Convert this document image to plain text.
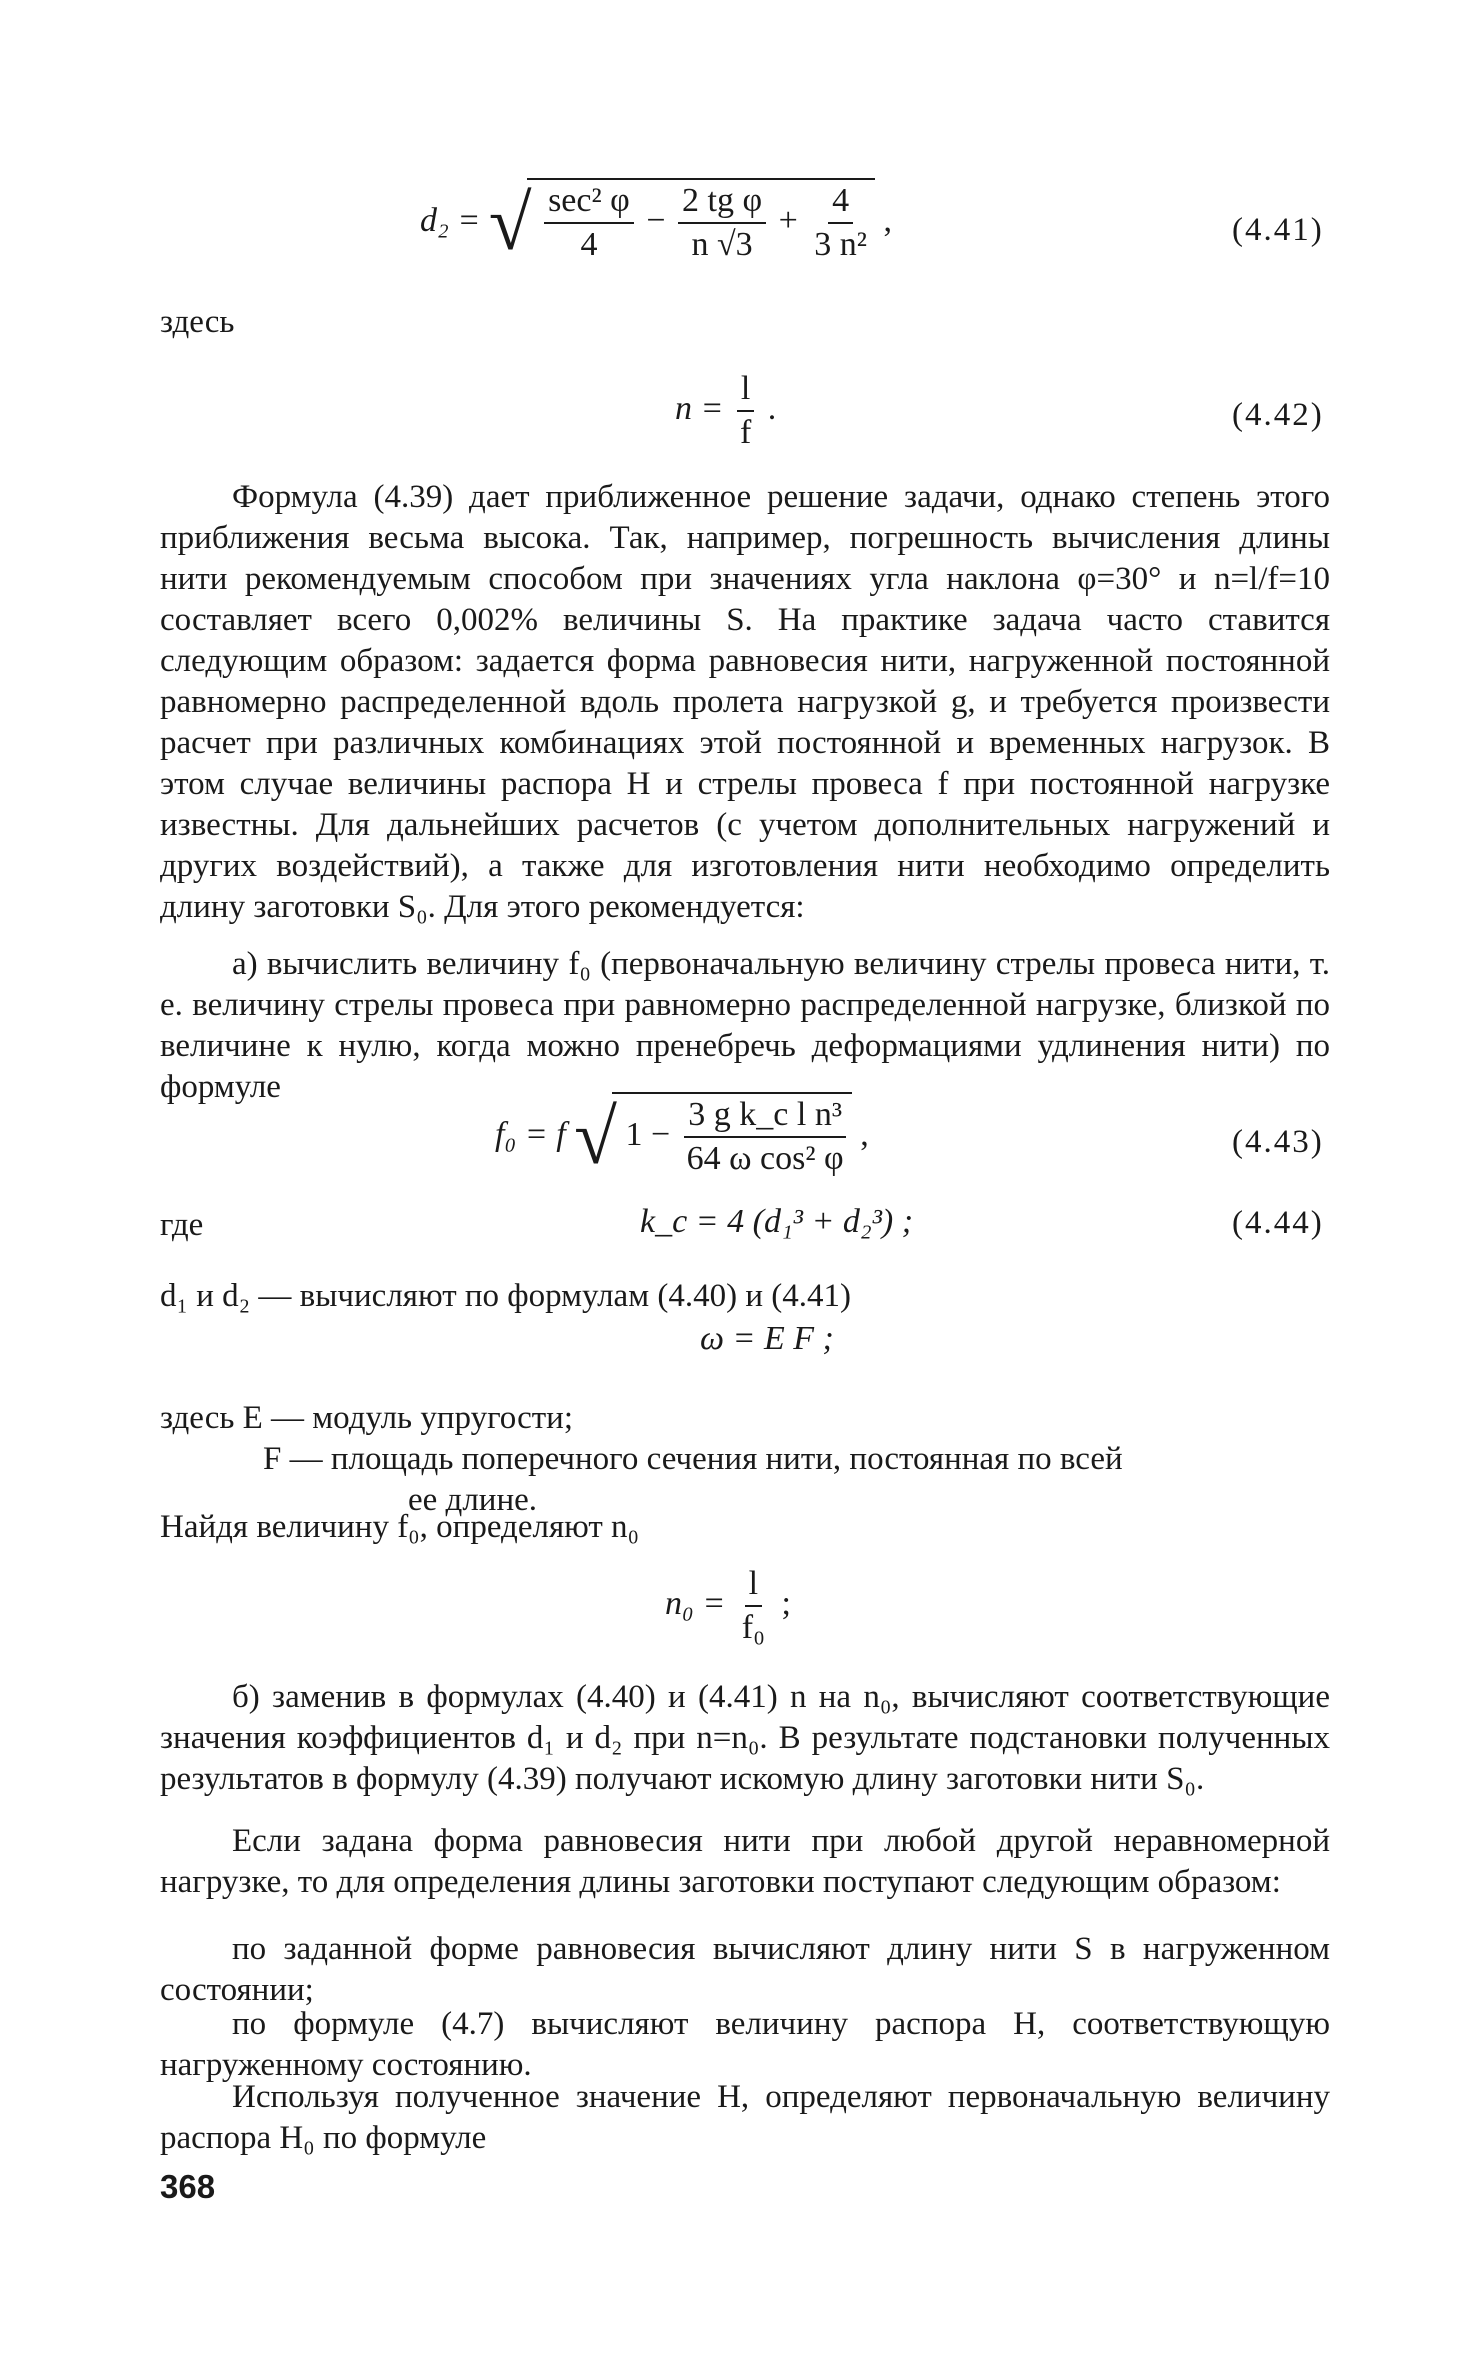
d₂ = √ $\frac{\text{sec² φ}}{4} - \frac{\text{2 tg φ}}{n √3} + \frac{4}{\text{3 n²}}$ ,	(4.41)
здесь
$n = \frac{l}{f}$ .	(4.42)
Формула (4.39) дает приближенное решение задачи, однако степень этого приближения весьма высока. Так, например, погрешность вычисления длины нити рекомендуемым способом при значениях угла наклона φ=30° и n=l/f=10 составляет всего 0,002% величины S. На практике задача часто ставится следующим образом: задается форма равновесия нити, нагруженной постоянной равномерно распределенной вдоль пролета нагрузкой g, и требуется произвести расчет при различных комбинациях этой постоянной и временных нагрузок. В этом случае величины распора H и стрелы провеса f при постоянной нагрузке известны. Для дальнейших расчетов (с учетом дополнительных нагружений и других воздействий), а также для изготовления нити необходимо определить длину заготовки S₀. Для этого рекомендуется:
а) вычислить величину f₀ (первоначальную величину стрелы провеса нити, т. е. величину стрелы провеса при равномерно распределенной нагрузке, близкой по величине к нулю, когда можно пренебречь деформациями удлинения нити) по формуле
f₀ = f √ $1 - \frac{\text{3 g k\_c l n³}}{\text{64 ω cos² φ}}$ ,	(4.43)
где	k_c = 4 (d₁³ + d₂³) ;	(4.44)
d₁ и d₂ — вычисляют по формулам (4.40) и (4.41)
ω = E F ;
здесь E — модуль упругости;
F — площадь поперечного сечения нити, постоянная по всей
ее длине.
Найдя величину f₀, определяют n₀
$n_0 = \frac{l}{\text{f₀}}$ ;
б) заменив в формулах (4.40) и (4.41) n на n₀, вычисляют соответствующие значения коэффициентов d₁ и d₂ при n=n₀. В результате подстановки полученных результатов в формулу (4.39) получают искомую длину заготовки нити S₀.
Если задана форма равновесия нити при любой другой неравномерной нагрузке, то для определения длины заготовки поступают следующим образом:
по заданной форме равновесия вычисляют длину нити S в нагруженном состоянии;
по формуле (4.7) вычисляют величину распора H, соответствующую нагруженному состоянию.
Используя полученное значение H, определяют первоначальную величину распора H₀ по формуле
368
